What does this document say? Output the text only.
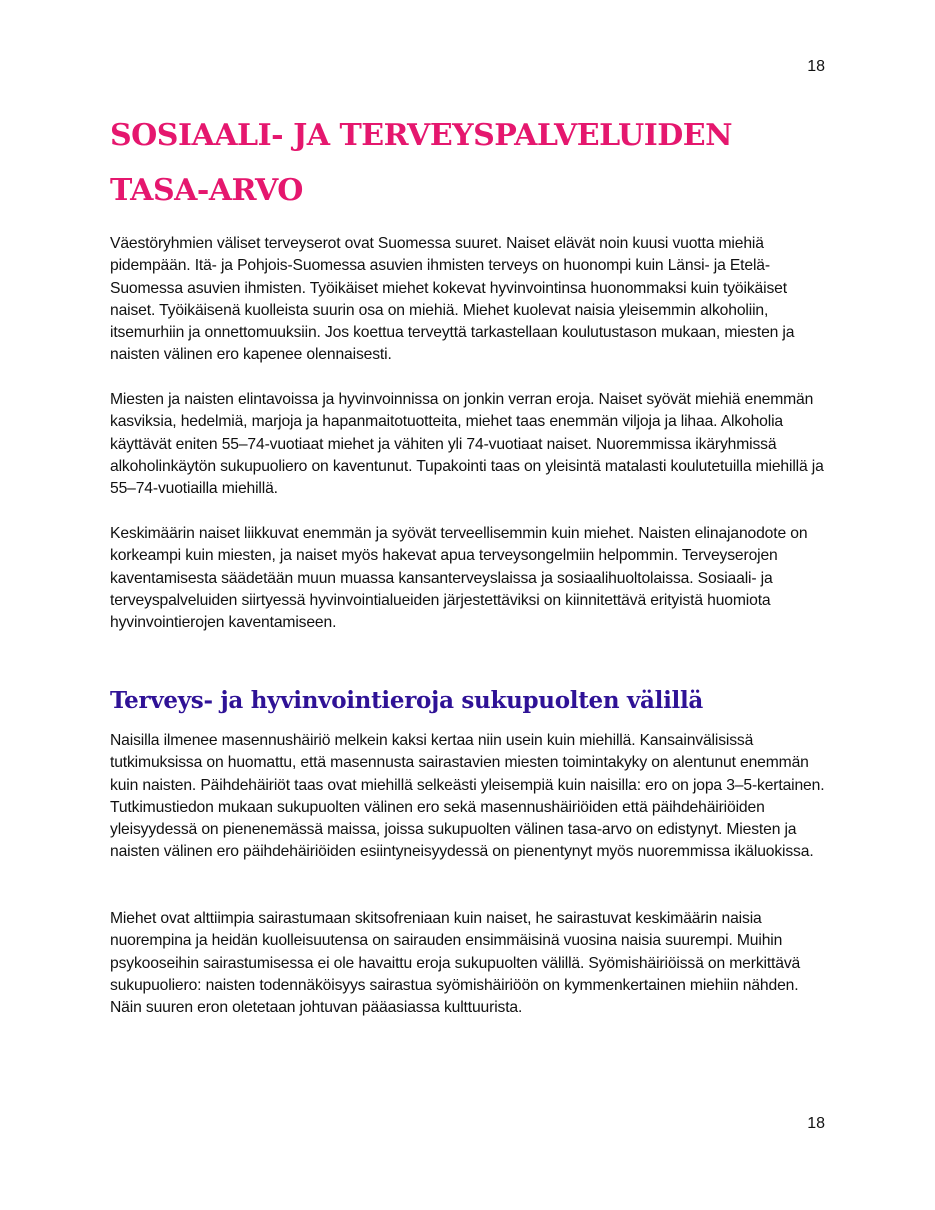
18
SOSIAALI- JA TERVEYSPALVELUIDEN TASA-ARVO

Väestöryhmien väliset terveyserot ovat Suomessa suuret. Naiset elävät noin kuusi vuotta miehiä pidempään. Itä- ja Pohjois-Suomessa asuvien ihmisten terveys on huonompi kuin Länsi- ja Etelä-Suomessa asuvien ihmisten. Työikäiset miehet kokevat hyvinvointinsa huonommaksi kuin työikäiset naiset. Työikäisenä kuolleista suurin osa on miehiä. Miehet kuolevat naisia yleisemmin alkoholiin, itsemurhiin ja onnettomuuksiin. Jos koettua terveyttä tarkastellaan koulutustason mukaan, miesten ja naisten välinen ero kapenee olennaisesti.

Miesten ja naisten elintavoissa ja hyvinvoinnissa on jonkin verran eroja. Naiset syövät miehiä enemmän kasviksia, hedelmiä, marjoja ja hapanmaitotuotteita, miehet taas enemmän viljoja ja lihaa. Alkoholia käyttävät eniten 55–74-vuotiaat miehet ja vähiten yli 74-vuotiaat naiset. Nuoremmissa ikäryhmissä alkoholinkäytön sukupuoliero on kaventunut. Tupakointi taas on yleisintä matalasti koulutetuilla miehillä ja 55–74-vuotiailla miehillä.

Keskimäärin naiset liikkuvat enemmän ja syövät terveellisemmin kuin miehet. Naisten elinajanodote on korkeampi kuin miesten, ja naiset myös hakevat apua terveysongelmiin helpommin. Terveyserojen kaventamisesta säädetään muun muassa kansanterveyslaissa ja sosiaalihuoltolaissa. Sosiaali- ja terveyspalveluiden siirtyessä hyvinvointialueiden järjestettäviksi on kiinnitettävä erityistä huomiota hyvinvointierojen kaventamiseen.

Terveys- ja hyvinvointieroja sukupuolten välillä

Naisilla ilmenee masennushäiriö melkein kaksi kertaa niin usein kuin miehillä. Kansainvälisissä tutkimuksissa on huomattu, että masennusta sairastavien miesten toimintakyky on alentunut enemmän kuin naisten. Päihdehäiriöt taas ovat miehillä selkeästi yleisempiä kuin naisilla: ero on jopa 3–5-kertainen. Tutkimustiedon mukaan sukupuolten välinen ero sekä masennushäiriöiden että päihdehäiriöiden yleisyydessä on pienenemässä maissa, joissa sukupuolten välinen tasa-arvo on edistynyt. Miesten ja naisten välinen ero päihdehäiriöiden esiintyneisyydessä on pienentynyt myös nuoremmissa ikäluokissa.

Miehet ovat alttiimpia sairastumaan skitsofreniaan kuin naiset, he sairastuvat keskimäärin naisia nuorempina ja heidän kuolleisuutensa on sairauden ensimmäisinä vuosina naisia suurempi. Muihin psykooseihin sairastumisessa ei ole havaittu eroja sukupuolten välillä. Syömishäiriöissä on merkittävä sukupuoliero: naisten todennäköisyys sairastua syömishäiriöön on kymmenkertainen miehiin nähden. Näin suuren eron oletetaan johtuvan pääasiassa kulttuurista.

18
